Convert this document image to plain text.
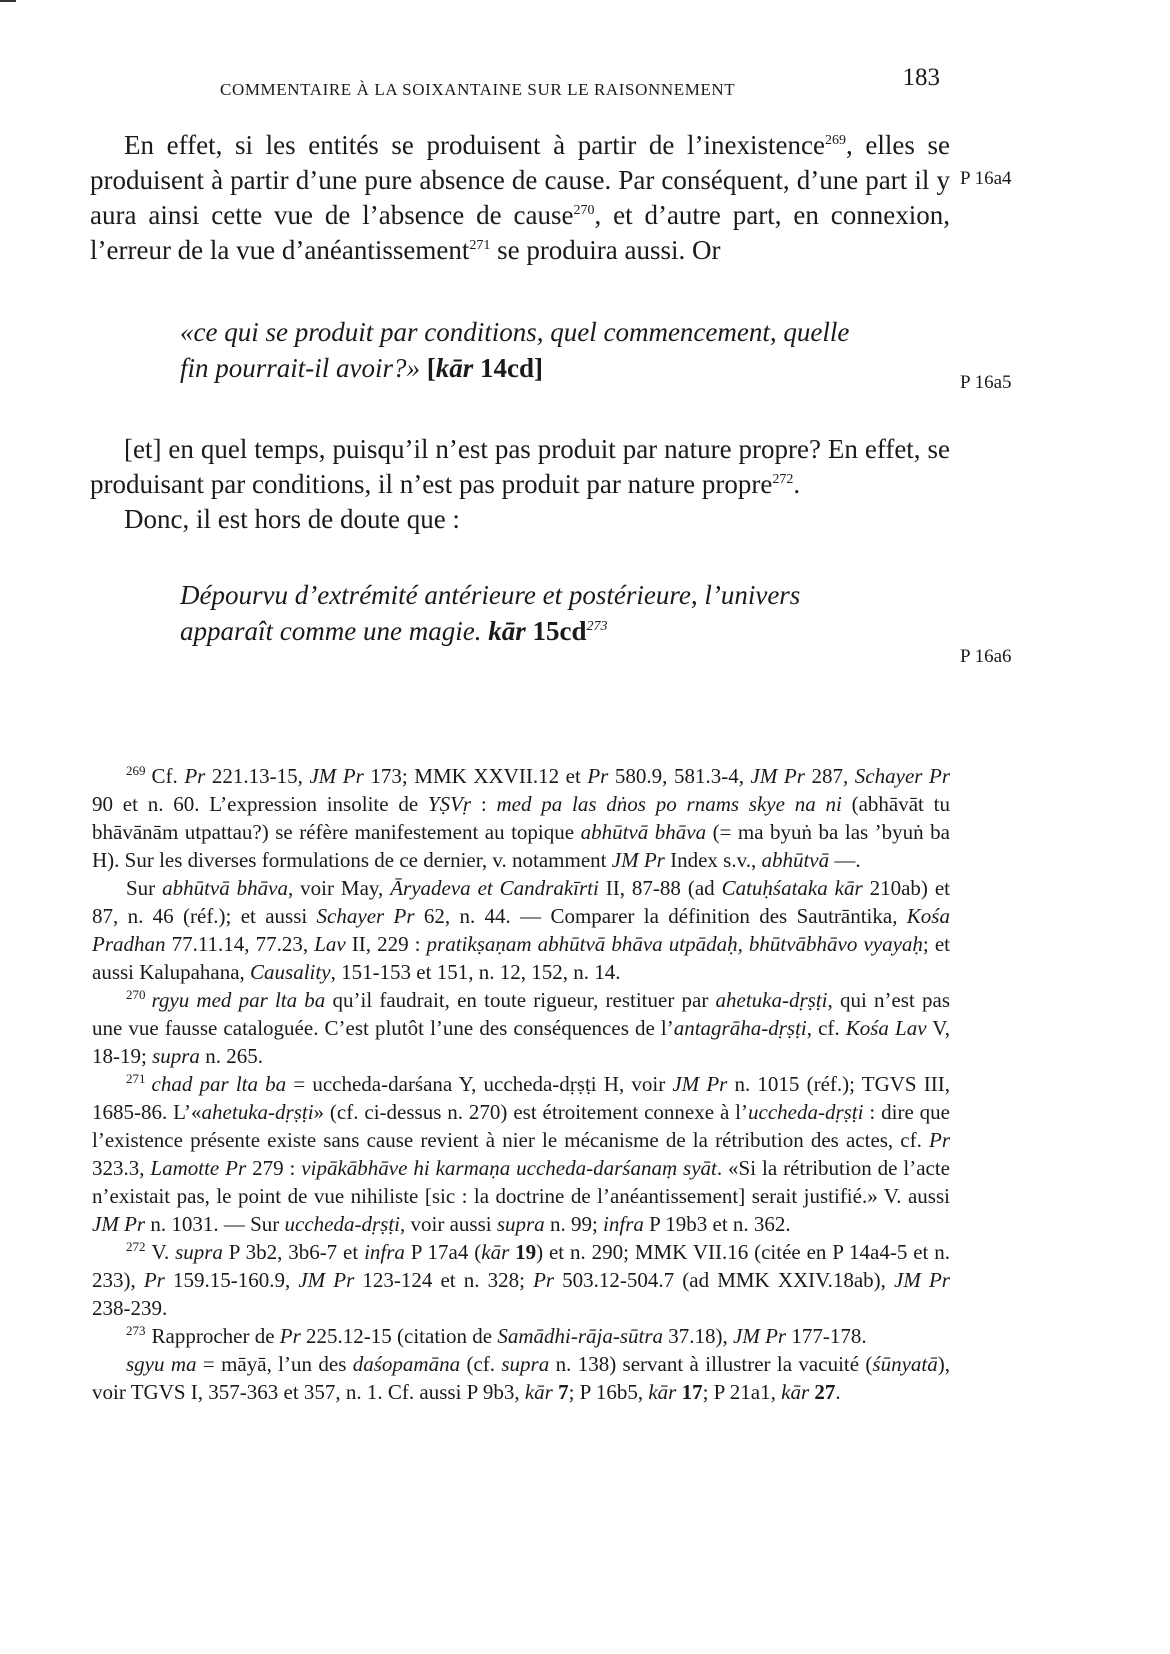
COMMENTAIRE À LA SOIXANTAINE SUR LE RAISONNEMENT	183
P 16a4
P 16a5
P 16a6

En effet, si les entités se produisent à partir de l’inexistence$^{269}$, elles se produisent à partir d’une pure absence de cause. Par conséquent, d’une part il y aura ainsi cette vue de l’absence de cause$^{270}$, et d’autre part, en connexion, l’erreur de la vue d’anéantissement$^{271}$ se produira aussi. Or

«ce qui se produit par conditions, quel commencement, quelle fin pourrait-il avoir?» [kār 14cd]

[et] en quel temps, puisqu’il n’est pas produit par nature propre? En effet, se produisant par conditions, il n’est pas produit par nature propre$^{272}$.

Donc, il est hors de doute que :

Dépourvu d’extrémité antérieure et postérieure, l’univers apparaît comme une magie. kār $15cd^{273}$

$^{269}$ Cf. Pr 221.13-15, JM Pr 173; MMK XXVII.12 et Pr 580.9, 581.3-4, JM Pr 287, Schayer Pr 90 et n. 60. L’expression insolite de YṢVṛ : med pa las dṅos po rnams skye na ni (abhāvāt tu bhāvānām utpattau?) se réfère manifestement au topique abhūtvā bhāva (= ma byuṅ ba las ’byuṅ ba H). Sur les diverses formulations de ce dernier, v. notamment JM Pr Index s.v., abhūtvā —.

Sur abhūtvā bhāva, voir May, Āryadeva et Candrakīrti II, 87-88 (ad Catuḥśataka kār 210ab) et 87, n. 46 (réf.); et aussi Schayer Pr 62, n. 44. — Comparer la définition des Sautrāntika, Kośa Pradhan 77.11.14, 77.23, Lav II, 229 : pratikṣaṇam abhūtvā bhāva utpādaḥ, bhūtvābhāvo vyayaḥ; et aussi Kalupahana, Causality, 151-153 et 151, n. 12, 152, n. 14.

$^{270}$ rgyu med par lta ba qu’il faudrait, en toute rigueur, restituer par ahetuka-dṛṣṭi, qui n’est pas une vue fausse cataloguée. C’est plutôt l’une des conséquences de l’antagrāha-dṛṣṭi, cf. Kośa Lav V, 18-19; supra n. 265.

$^{271}$ chad par lta ba = uccheda-darśana Y, uccheda-dṛṣṭi H, voir JM Pr n. 1015 (réf.); TGVS III, 1685-86. L’«ahetuka-dṛṣṭi» (cf. ci-dessus n. 270) est étroitement connexe à l’uccheda-dṛṣṭi : dire que l’existence présente existe sans cause revient à nier le mécanisme de la rétribution des actes, cf. Pr 323.3, Lamotte Pr 279 : vipākābhāve hi karmaṇa uccheda-darśanaṃ syāt. «Si la rétribution de l’acte n’existait pas, le point de vue nihiliste [sic : la doctrine de l’anéantissement] serait justifié.» V. aussi JM Pr n. 1031. — Sur uccheda-dṛṣṭi, voir aussi supra n. 99; infra P 19b3 et n. 362.

$^{272}$ V. supra P 3b2, 3b6-7 et infra P 17a4 (kār 19) et n. 290; MMK VII.16 (citée en P 14a4-5 et n. 233), Pr 159.15-160.9, JM Pr 123-124 et n. 328; Pr 503.12-504.7 (ad MMK XXIV.18ab), JM Pr 238-239.

$^{273}$ Rapprocher de Pr 225.12-15 (citation de Samādhi-rāja-sūtra 37.18), JM Pr 177-178.

sgyu ma = māyā, l’un des daśopamāna (cf. supra n. 138) servant à illustrer la vacuité (śūnyatā), voir TGVS I, 357-363 et 357, n. 1. Cf. aussi P 9b3, kār 7; P 16b5, kār 17; P 21a1, kār 27.
